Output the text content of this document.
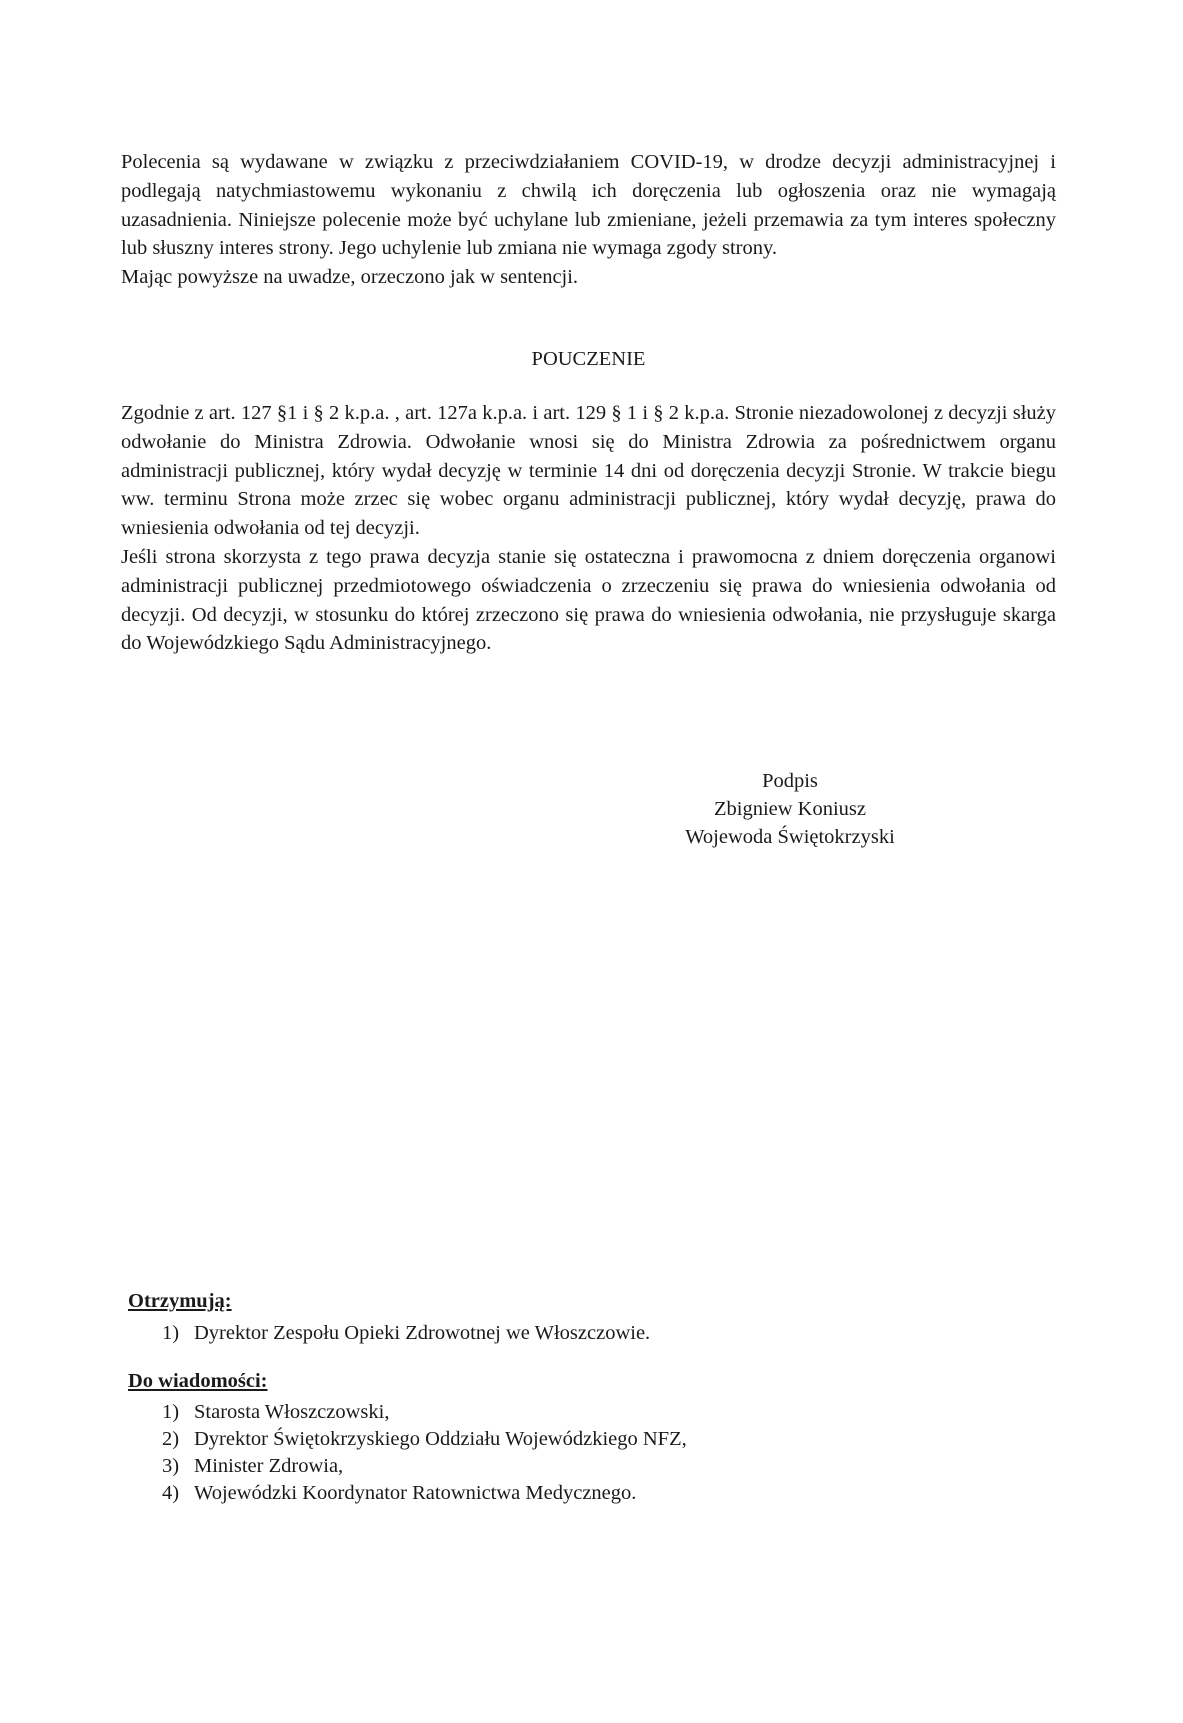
Polecenia są wydawane w związku z przeciwdziałaniem COVID-19, w drodze decyzji administracyjnej i podlegają natychmiastowemu wykonaniu z chwilą ich doręczenia lub ogłoszenia oraz nie wymagają uzasadnienia. Niniejsze polecenie może być uchylane lub zmieniane, jeżeli przemawia za tym interes społeczny lub słuszny interes strony. Jego uchylenie lub zmiana nie wymaga zgody strony.

Mając powyższe na uwadze, orzeczono jak w sentencji.

POUCZENIE

Zgodnie z art. 127 §1 i § 2 k.p.a. , art. 127a k.p.a. i art. 129 § 1 i § 2 k.p.a. Stronie niezadowolonej z decyzji służy odwołanie do Ministra Zdrowia. Odwołanie wnosi się do Ministra Zdrowia za pośrednictwem organu administracji publicznej, który wydał decyzję w terminie 14 dni od doręczenia decyzji Stronie. W trakcie biegu ww. terminu Strona może zrzec się wobec organu administracji publicznej, który wydał decyzję, prawa do wniesienia odwołania od tej decyzji.

Jeśli strona skorzysta z tego prawa decyzja stanie się ostateczna i prawomocna z dniem doręczenia organowi administracji publicznej przedmiotowego oświadczenia o zrzeczeniu się prawa do wniesienia odwołania od decyzji. Od decyzji, w stosunku do której zrzeczono się prawa do wniesienia odwołania, nie przysługuje skarga do Wojewódzkiego Sądu Administracyjnego.

Podpis
Zbigniew Koniusz
Wojewoda Świętokrzyski
Otrzymują:
1) Dyrektor Zespołu Opieki Zdrowotnej we Włoszczowie.
Do wiadomości:
1) Starosta Włoszczowski,
2) Dyrektor Świętokrzyskiego Oddziału Wojewódzkiego NFZ,
3) Minister Zdrowia,
4) Wojewódzki Koordynator Ratownictwa Medycznego.
